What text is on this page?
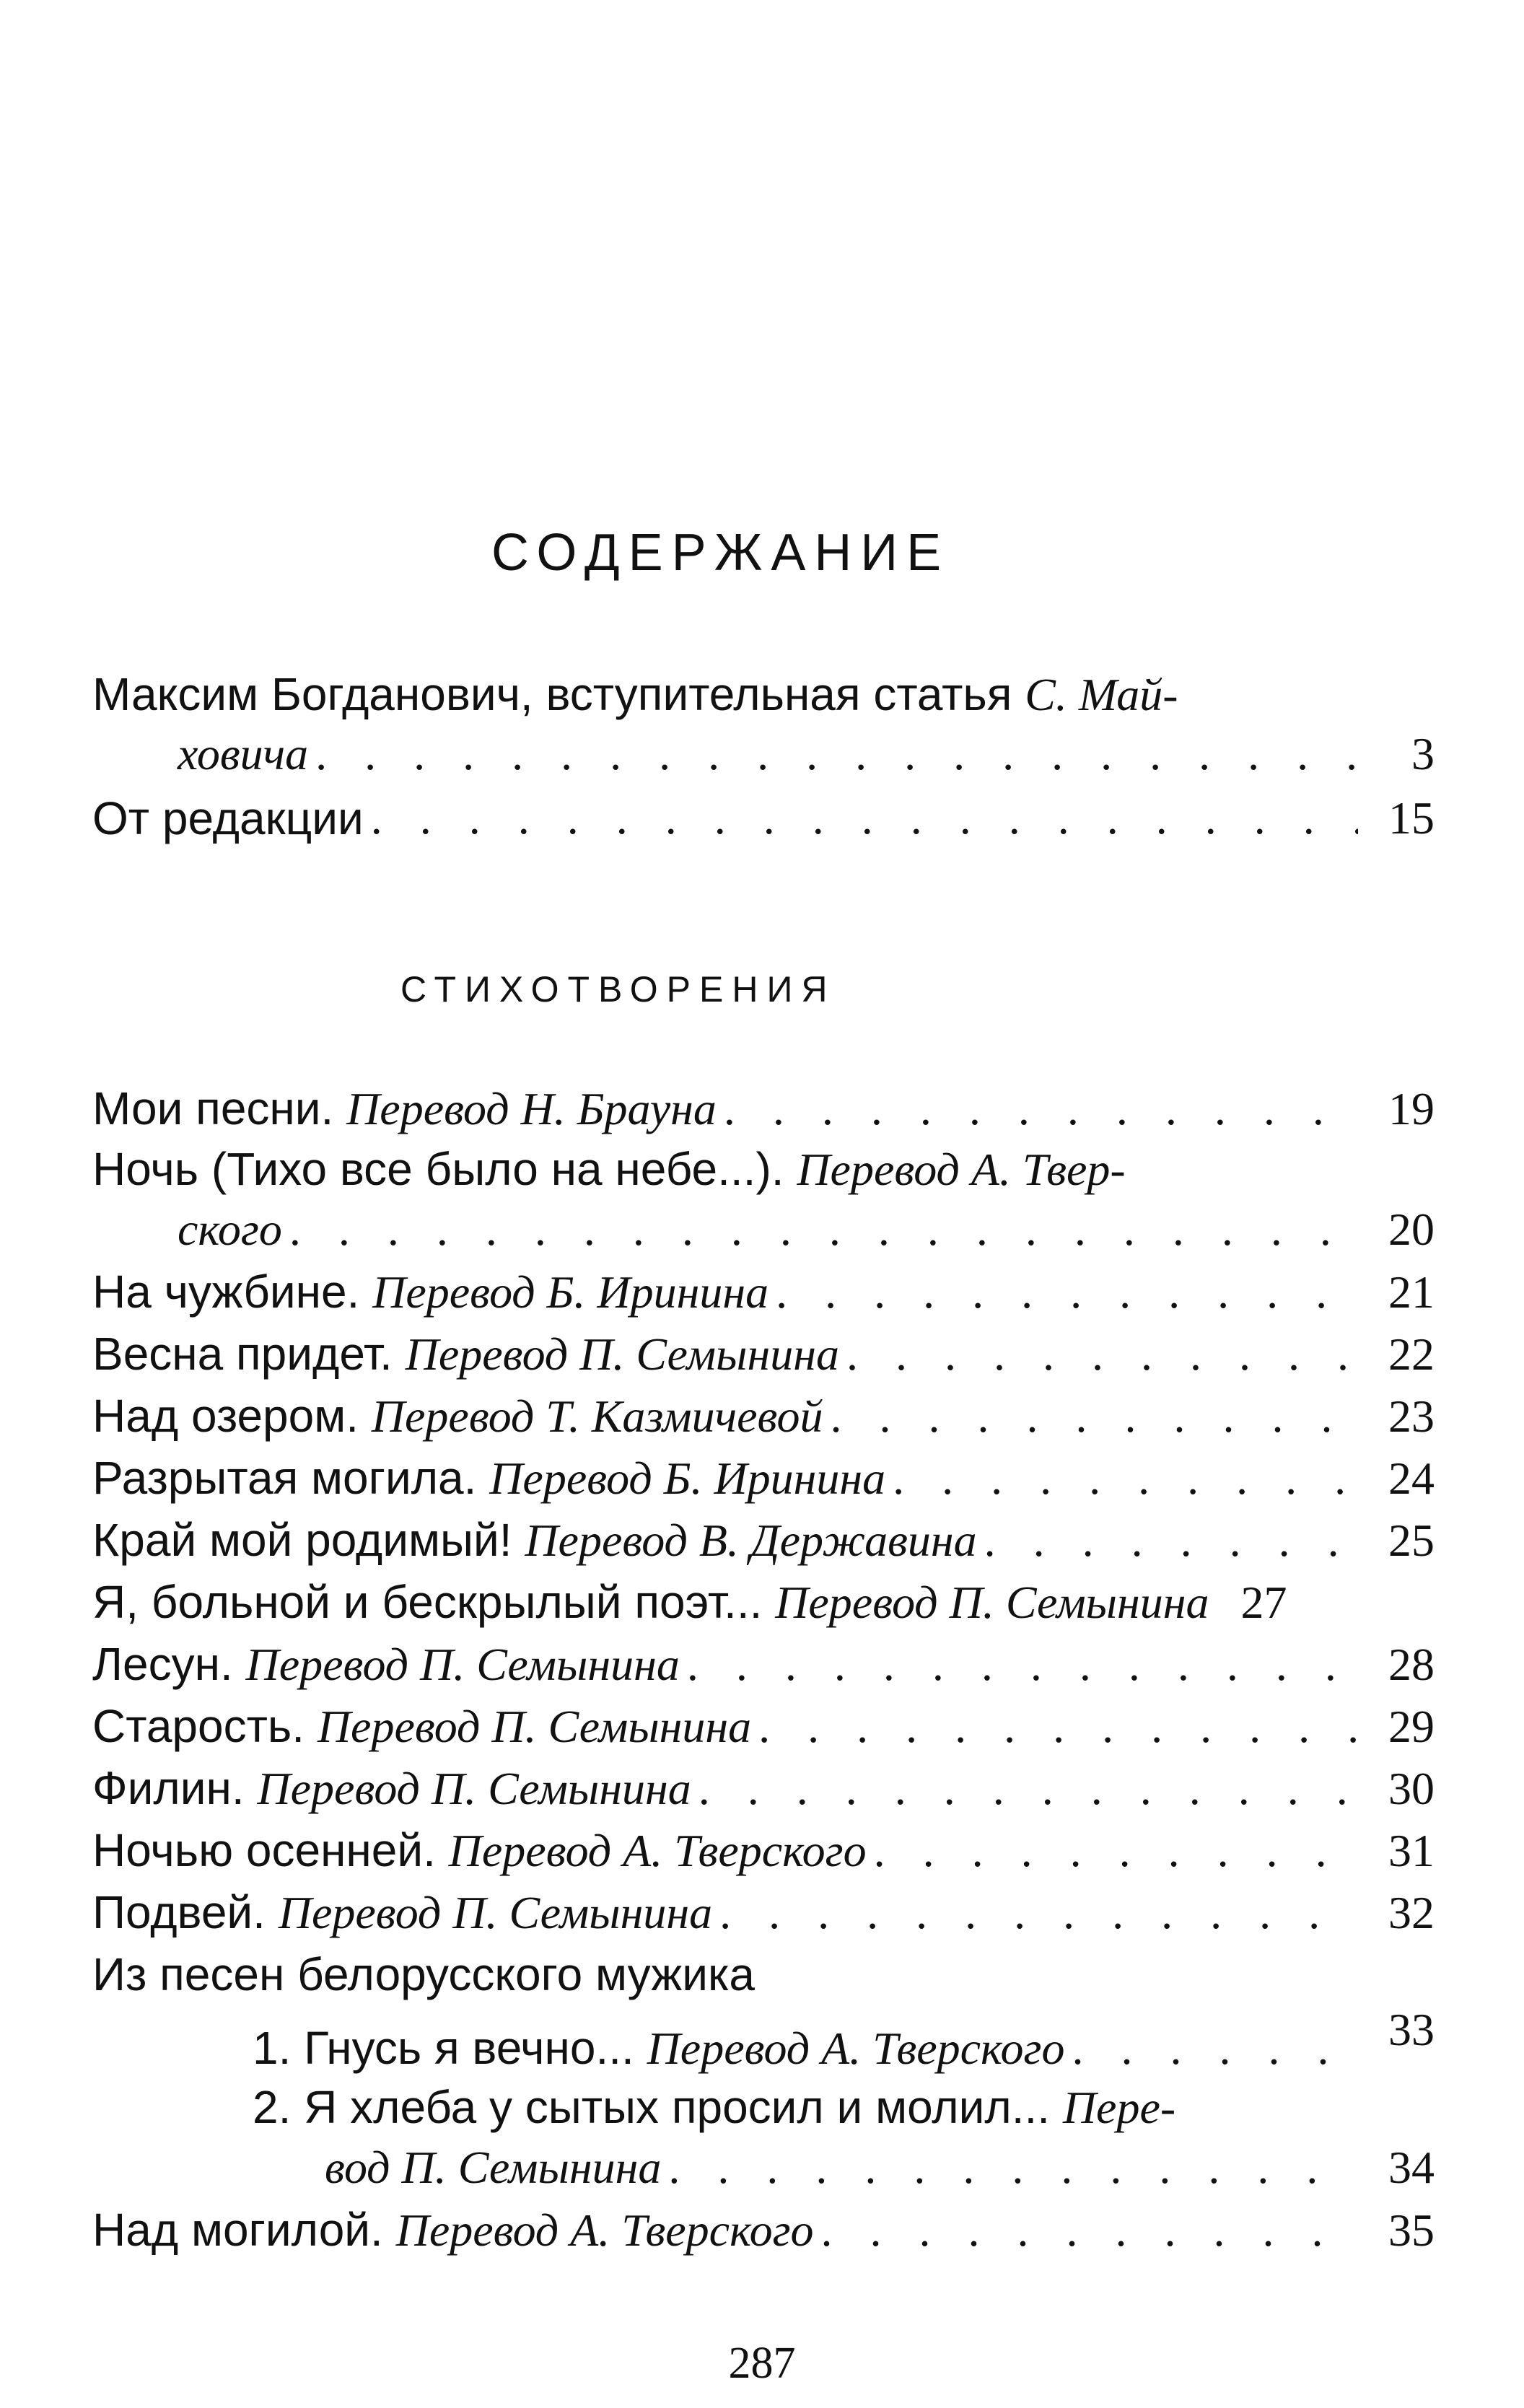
СОДЕРЖАНИЕ
Максим Богданович, вступительная статья С. Май-
ховича . . .	3
От редакции . . .	15
СТИХОТВОРЕНИЯ
Мои песни. Перевод Н. Брауна . . .	19
Ночь (Тихо все было на небе...). Перевод А. Твер-
ского . . .	20
На чужбине. Перевод Б. Иринина . . .	21
Весна придет. Перевод П. Семынина . . .	22
Над озером. Перевод Т. Казмичевой . . .	23
Разрытая могила. Перевод Б. Иринина . . .	24
Край мой родимый! Перевод В. Державина . . .	25
Я, больной и бескрылый поэт... Перевод П. Семынина 27
Лесун. Перевод П. Семынина . . .	28
Старость. Перевод П. Семынина . . .	29
Филин. Перевод П. Семынина . . .	30
Ночью осенней. Перевод А. Тверского . . .	31
Подвей. Перевод П. Семынина . . .	32
Из песен белорусского мужика
1. Гнусь я вечно... Перевод А. Тверского . . .	33
2. Я хлеба у сытых просил и молил... Пере-
вод П. Семынина . . .	34
Над могилой. Перевод А. Тверского . . .	35
287
